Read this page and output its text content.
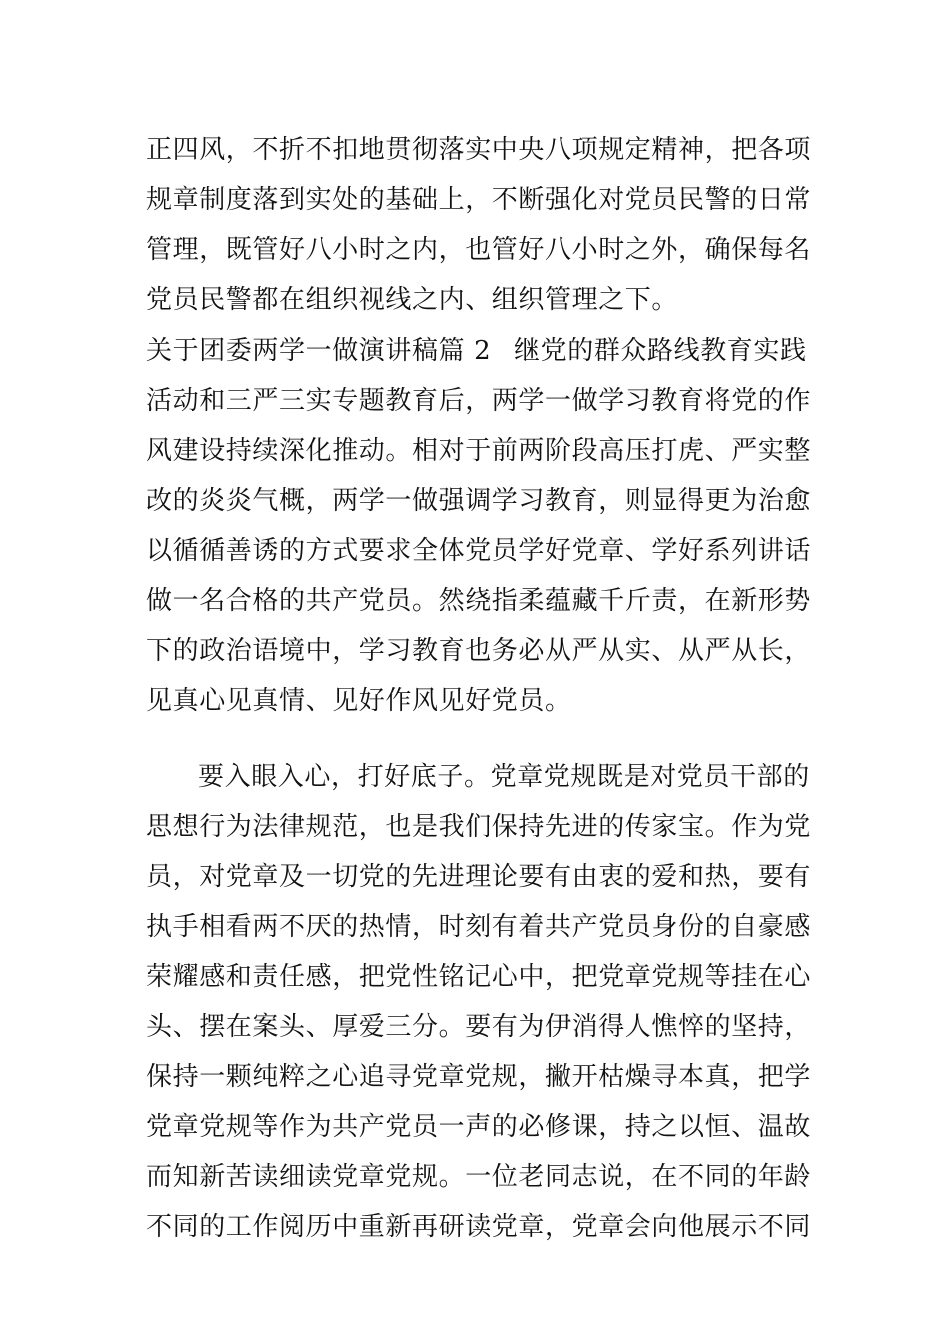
正四风，不折不扣地贯彻落实中央八项规定精神，把各项
规章制度落到实处的基础上，不断强化对党员民警的日常
管理，既管好八小时之内，也管好八小时之外，确保每名
党员民警都在组织视线之内、组织管理之下。
关于团委两学一做演讲稿篇 2 继党的群众路线教育实践
活动和三严三实专题教育后，两学一做学习教育将党的作
风建设持续深化推动。相对于前两阶段高压打虎、严实整
改的炎炎气概，两学一做强调学习教育，则显得更为治愈
以循循善诱的方式要求全体党员学好党章、学好系列讲话
做一名合格的共产党员。然绕指柔蕴藏千斤责，在新形势
下的政治语境中，学习教育也务必从严从实、从严从长，
见真心见真情、见好作风见好党员。
要入眼入心，打好底子。党章党规既是对党员干部的
思想行为法律规范，也是我们保持先进的传家宝。作为党
员，对党章及一切党的先进理论要有由衷的爱和热，要有
执手相看两不厌的热情，时刻有着共产党员身份的自豪感
荣耀感和责任感，把党性铭记心中，把党章党规等挂在心
头、摆在案头、厚爱三分。要有为伊消得人憔悴的坚持，
保持一颗纯粹之心追寻党章党规，撇开枯燥寻本真，把学
党章党规等作为共产党员一声的必修课，持之以恒、温故
而知新苦读细读党章党规。一位老同志说，在不同的年龄
不同的工作阅历中重新再研读党章，党章会向他展示不同
